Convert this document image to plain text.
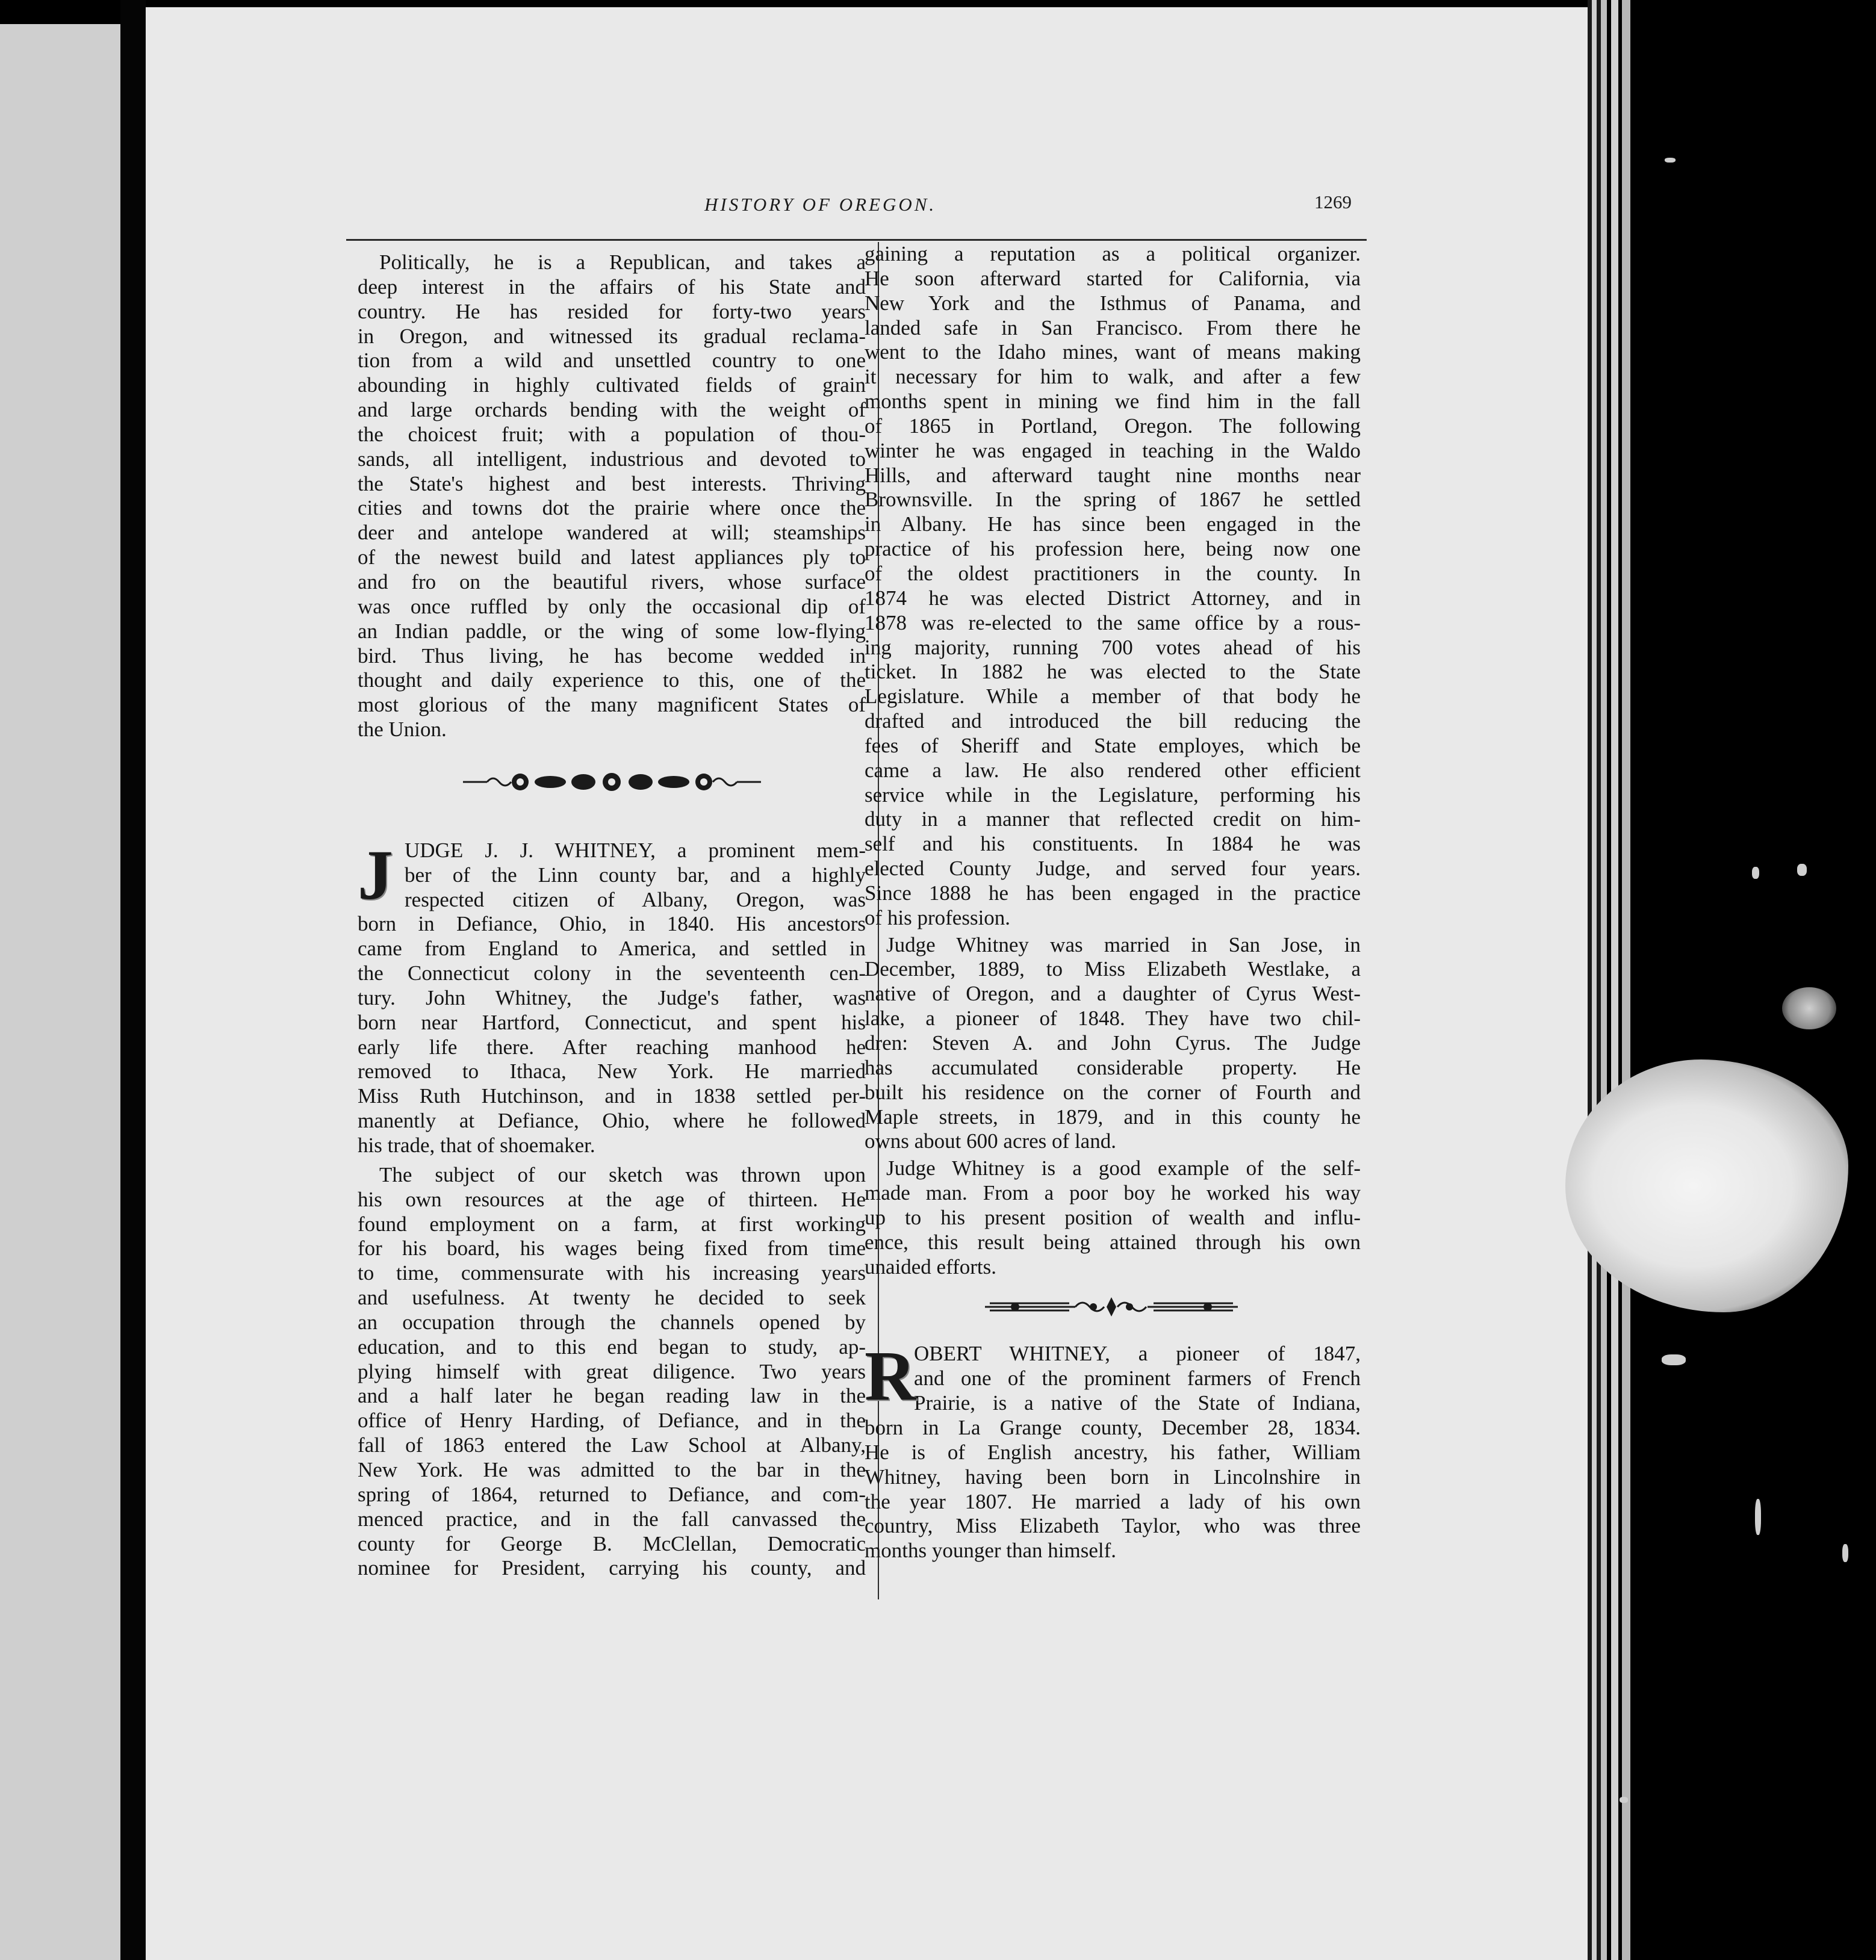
HISTORY OF OREGON.	1269
Politically, he is a Republican, and takes a
deep interest in the affairs of his State and
country. He has resided for forty-two years
in Oregon, and witnessed its gradual reclama-
tion from a wild and unsettled country to one
abounding in highly cultivated fields of grain
and large orchards bending with the weight of
the choicest fruit; with a population of thou-
sands, all intelligent, industrious and devoted to
the State's highest and best interests. Thriving
cities and towns dot the prairie where once the
deer and antelope wandered at will; steamships
of the newest build and latest appliances ply to
and fro on the beautiful rivers, whose surface
was once ruffled by only the occasional dip of
an Indian paddle, or the wing of some low-flying
bird. Thus living, he has become wedded in
thought and daily experience to this, one of the
most glorious of the many magnificent States of
the Union.
J UDGE J. J. WHITNEY, a prominent mem-
ber of the Linn county bar, and a highly
respected citizen of Albany, Oregon, was
born in Defiance, Ohio, in 1840. His ancestors
came from England to America, and settled in
the Connecticut colony in the seventeenth cen-
tury. John Whitney, the Judge's father, was
born near Hartford, Connecticut, and spent his
early life there. After reaching manhood he
removed to Ithaca, New York. He married
Miss Ruth Hutchinson, and in 1838 settled per-
manently at Defiance, Ohio, where he followed
his trade, that of shoemaker.
The subject of our sketch was thrown upon
his own resources at the age of thirteen. He
found employment on a farm, at first working
for his board, his wages being fixed from time
to time, commensurate with his increasing years
and usefulness. At twenty he decided to seek
an occupation through the channels opened by
education, and to this end began to study, ap-
plying himself with great diligence. Two years
and a half later he began reading law in the
office of Henry Harding, of Defiance, and in the
fall of 1863 entered the Law School at Albany,
New York. He was admitted to the bar in the
spring of 1864, returned to Defiance, and com-
menced practice, and in the fall canvassed the
county for George B. McClellan, Democratic
nominee for President, carrying his county, and
gaining a reputation as a political organizer.
He soon afterward started for California, via
New York and the Isthmus of Panama, and
landed safe in San Francisco. From there he
went to the Idaho mines, want of means making
it necessary for him to walk, and after a few
months spent in mining we find him in the fall
of 1865 in Portland, Oregon. The following
winter he was engaged in teaching in the Waldo
Hills, and afterward taught nine months near
Brownsville. In the spring of 1867 he settled
in Albany. He has since been engaged in the
practice of his profession here, being now one
of the oldest practitioners in the county. In
1874 he was elected District Attorney, and in
1878 was re-elected to the same office by a rous-
ing majority, running 700 votes ahead of his
ticket. In 1882 he was elected to the State
Legislature. While a member of that body he
drafted and introduced the bill reducing the
fees of Sheriff and State employes, which be
came a law. He also rendered other efficient
service while in the Legislature, performing his
duty in a manner that reflected credit on him-
self and his constituents. In 1884 he was
elected County Judge, and served four years.
Since 1888 he has been engaged in the practice
of his profession.
Judge Whitney was married in San Jose, in
December, 1889, to Miss Elizabeth Westlake, a
native of Oregon, and a daughter of Cyrus West-
lake, a pioneer of 1848. They have two chil-
dren: Steven A. and John Cyrus. The Judge
has accumulated considerable property. He
built his residence on the corner of Fourth and
Maple streets, in 1879, and in this county he
owns about 600 acres of land.
Judge Whitney is a good example of the self-
made man. From a poor boy he worked his way
up to his present position of wealth and influ-
ence, this result being attained through his own
unaided efforts.
R
OBERT WHITNEY, a pioneer of 1847,
and one of the prominent farmers of French
Prairie, is a native of the State of Indiana,
born in La Grange county, December 28, 1834.
He is of English ancestry, his father, William
Whitney, having been born in Lincolnshire in
the year 1807. He married a lady of his own
country, Miss Elizabeth Taylor, who was three
months younger than himself.
